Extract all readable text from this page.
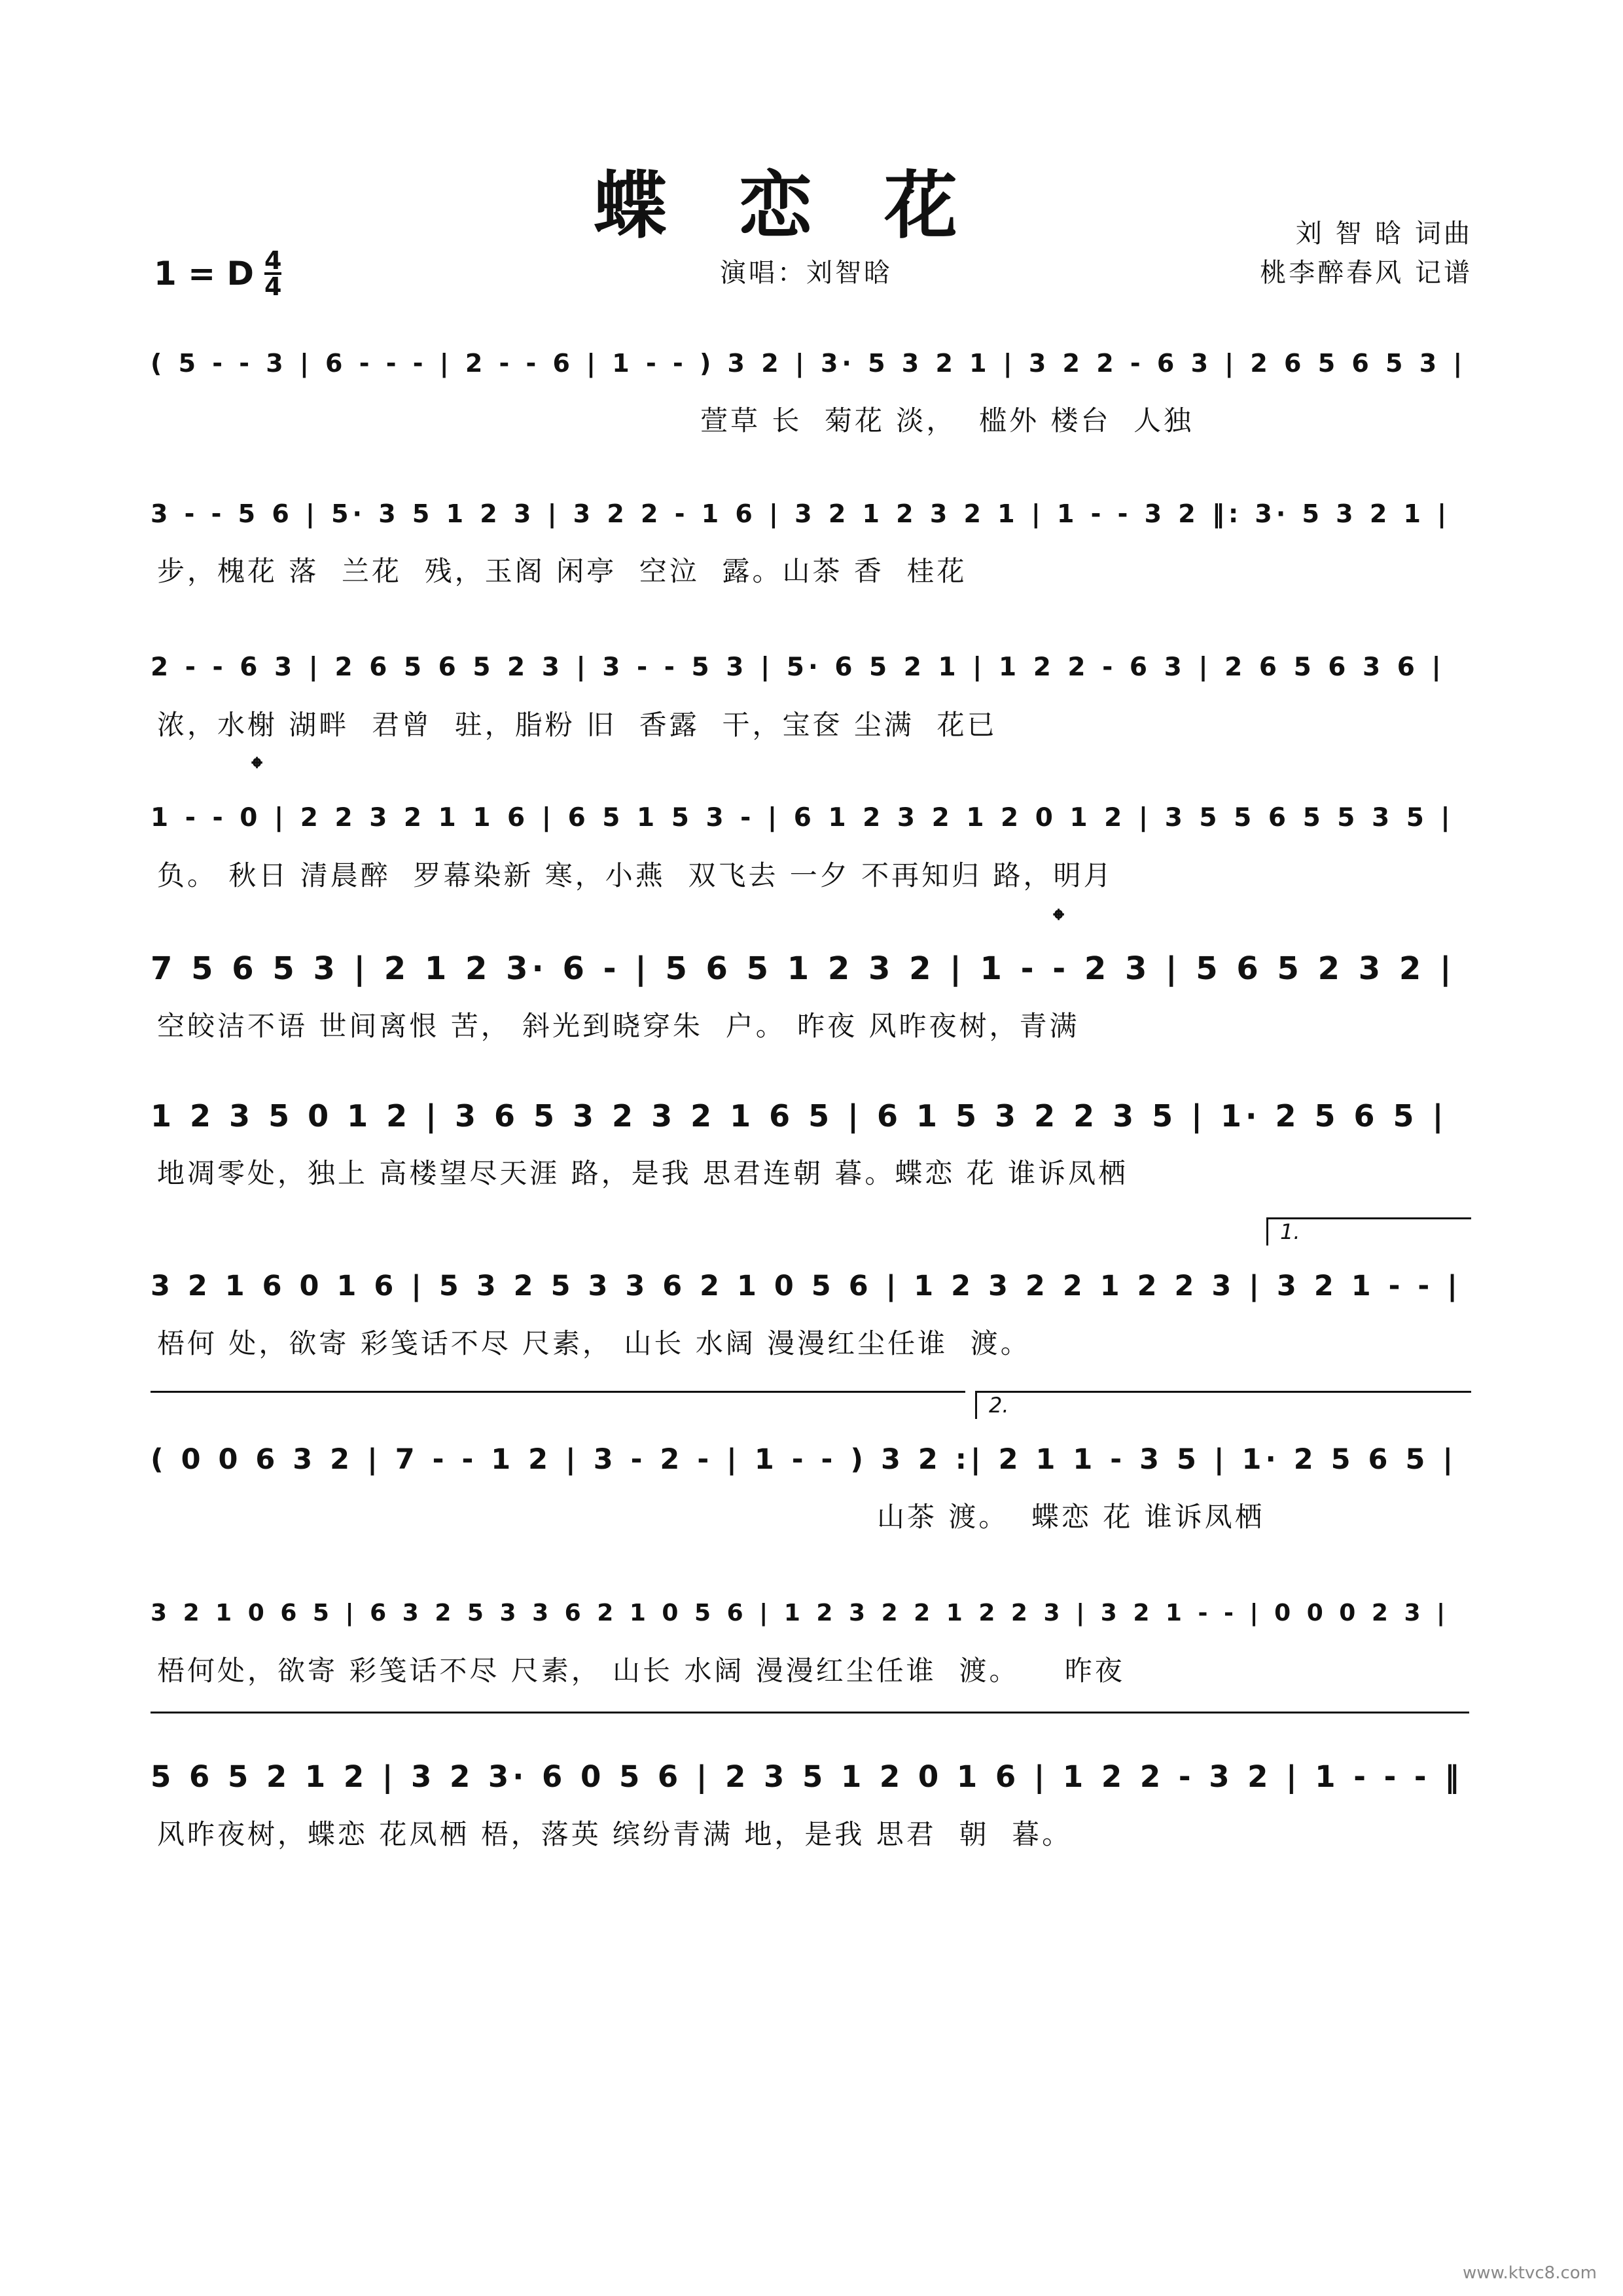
蝶恋花	刘 智 晗 词曲
桃李醉春风 记谱
演唱：刘智晗
1 = D $\frac{4}{4}$
( 5 - - 3 | 6 - - - | 2 - - 6 | 1 - - ) 3 2 | 3· 5 3 2 1 | 3 2 2 - 6 3 | 2 6 5 6 5 3 |
萱草 长  菊花 淡，  槛外 楼台  人独
3 - - 5 6 | 5· 3 5 1 2 3 | 3 2 2 - 1 6 | 3 2 1 2 3 2 1 | 1 - - 3 2 ‖: 3· 5 3 2 1 |
步，槐花 落  兰花  残，玉阁 闲亭  空泣  露。山茶 香  桂花
2 - - 6 3 | 2 6 5 6 5 2 3 | 3 - - 5 3 | 5· 6 5 2 1 | 1 2 2 - 6 3 | 2 6 5 6 3 6 |
浓，水榭 湖畔  君曾  驻，脂粉 旧  香露  干，宝奁 尘满  花已
1 - - 0 | 2 2 3 2 1 1 6 | 6 5 1 5 3 - | 6 1 2 3 2 1 2 0 1 2 | 3 5 5 6 5 5 3 5 |
负。 秋日 清晨醉  罗幕染新 寒，小燕  双飞去 一夕 不再知归 路，明月
7 5 6 5 3 | 2 1 2 3· 6 - | 5 6 5 1 2 3 2 | 1 - - 2 3 | 5 6 5 2 3 2 |
空皎洁不语 世间离恨 苦， 斜光到晓穿朱  户。 昨夜 风昨夜树，青满
1 2 3 5 0 1 2 | 3 6 5 3 2 3 2 1 6 5 | 6 1 5 3 2 2 3 5 | 1· 2 5 6 5 |
地凋零处，独上 高楼望尽天涯 路，是我 思君连朝 暮。蝶恋 花 谁诉凤栖
3 2 1 6 0 1 6 | 5 3 2 5 3 3 6 2 1 0 5 6 | 1 2 3 2 2 1 2 2 3 | 3 2 1 - - |
梧何 处，欲寄 彩笺话不尽 尺素， 山长 水阔 漫漫红尘任谁  渡。
( 0 0 6 3 2 | 7 - - 1 2 | 3 - 2 - | 1 - - ) 3 2 :| 2 1 1 - 3 5 | 1· 2 5 6 5 |
山茶 渡。  蝶恋 花 谁诉凤栖
3 2 1 0 6 5 | 6 3 2 5 3 3 6 2 1 0 5 6 | 1 2 3 2 2 1 2 2 3 | 3 2 1 - - | 0 0 0 2 3 |
梧何处，欲寄 彩笺话不尽 尺素， 山长 水阔 漫漫红尘任谁  渡。    昨夜
5 6 5 2 1 2 | 3 2 3· 6 0 5 6 | 2 3 5 1 2 0 1 6 | 1 2 2 - 3 2 | 1 - - - ‖
风昨夜树，蝶恋 花凤栖 梧，落英 缤纷青满 地，是我 思君  朝  暮。
𝄌
𝄌
1.
2.
www.ktvc8.com
